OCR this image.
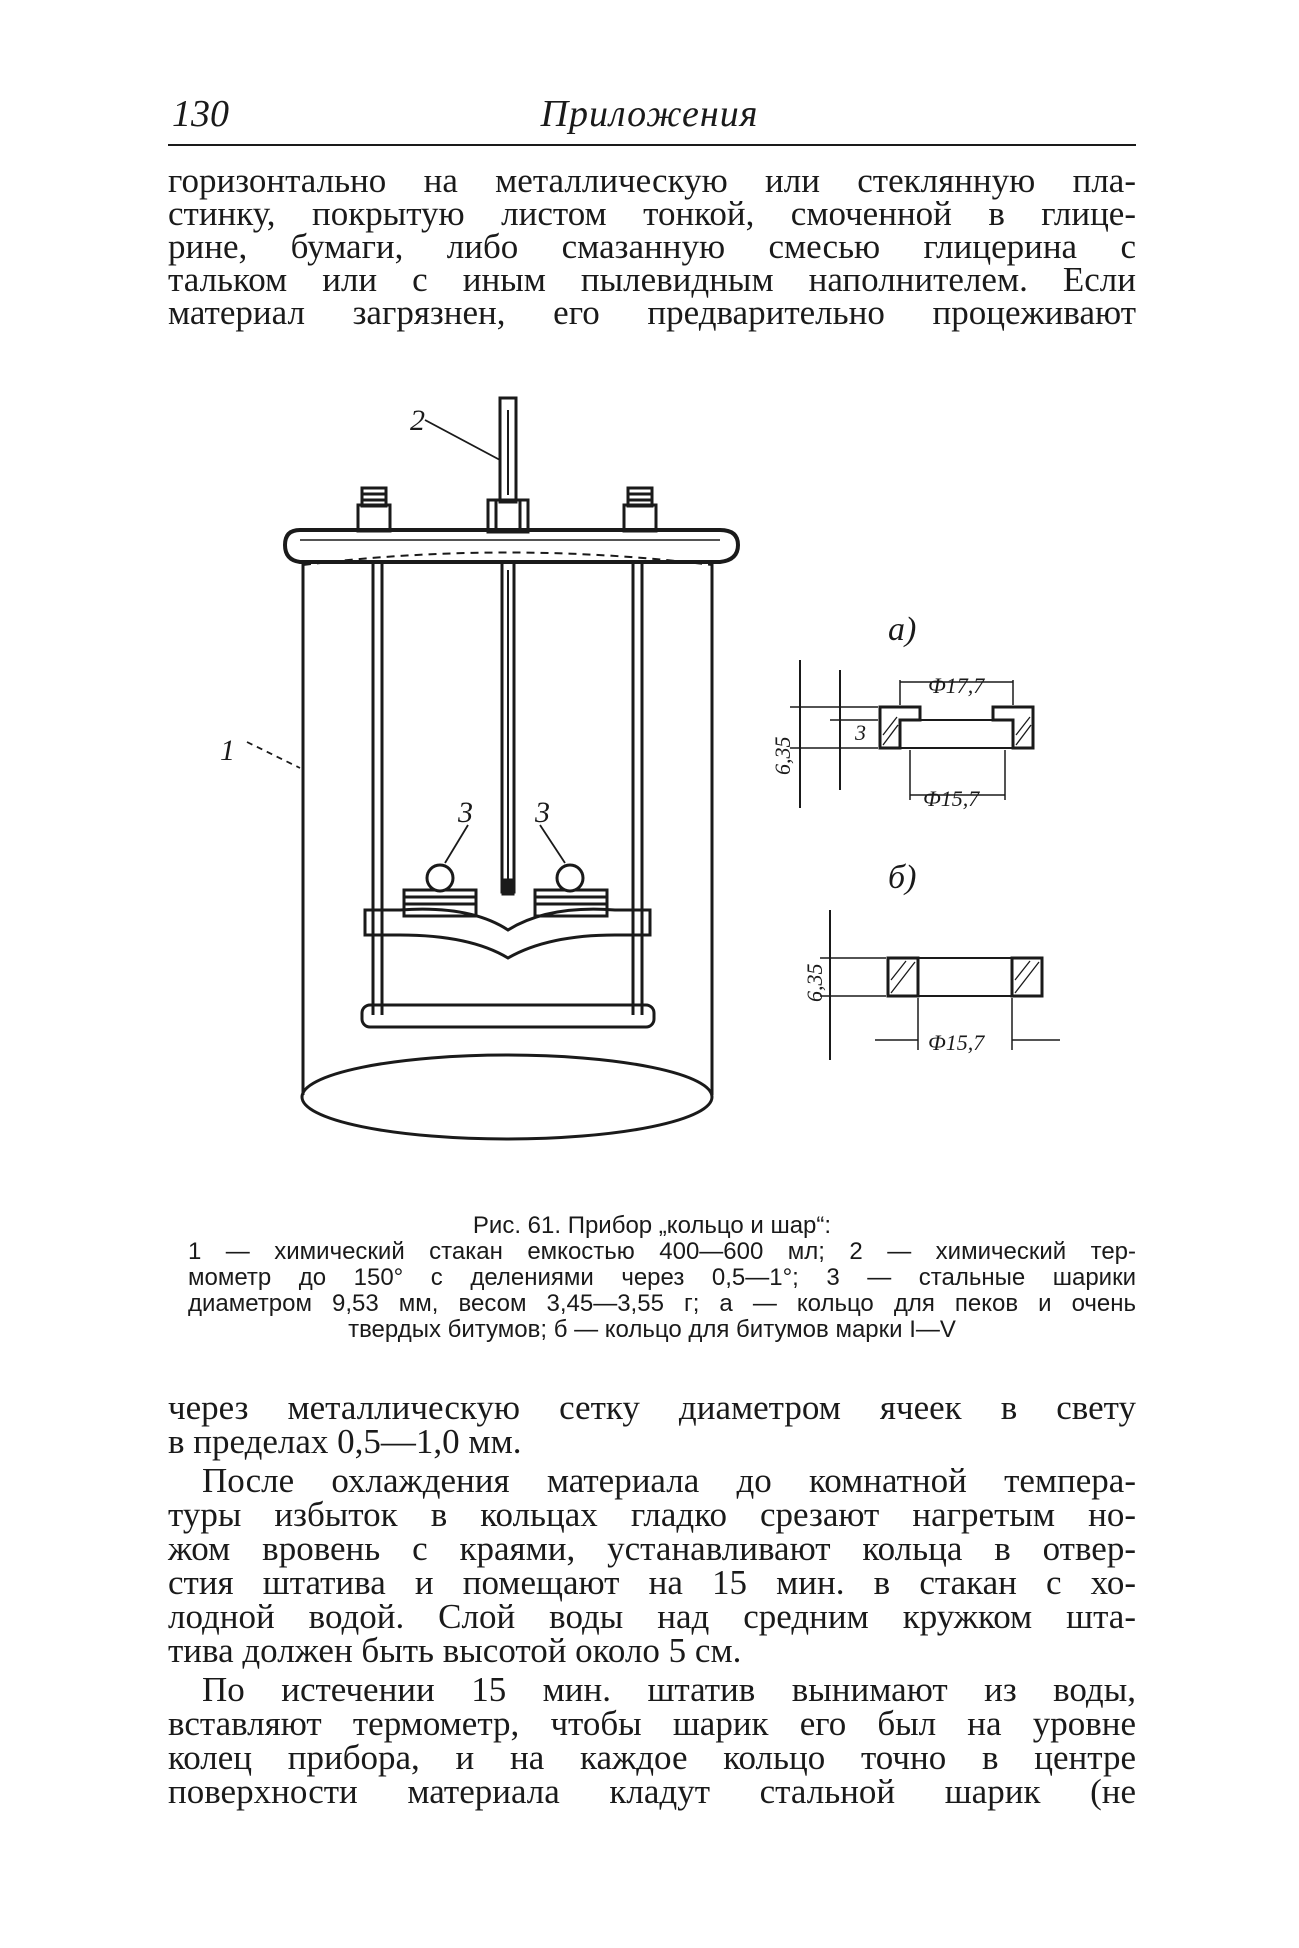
130	Приложения
горизонтально на металлическую или стеклянную пла-
стинку, покрытую листом тонкой, смоченной в глице-
рине, бумаги, либо смазанную смесью глицерина с
тальком или с иным пылевидным наполнителем. Если
материал загрязнен, его предварительно процеживают
2
1
3 3
а)
б)
Ф17,7
Ф15,7
3
6,35
6,35
Ф15,7
Рис. 61. Прибор „кольцо и шар“:
1 — химический стакан емкостью 400—600 мл; 2 — химический тер-
мометр до 150° с делениями через 0,5—1°; 3 — стальные шарики
диаметром 9,53 мм, весом 3,45—3,55 г; а — кольцо для пеков и очень
твердых битумов; б — кольцо для битумов марки I—V
через металлическую сетку диаметром ячеек в свету
в пределах 0,5—1,0 мм.
После охлаждения материала до комнатной темпера-
туры избыток в кольцах гладко срезают нагретым но-
жом вровень с краями, устанавливают кольца в отвер-
стия штатива и помещают на 15 мин. в стакан с хо-
лодной водой. Слой воды над средним кружком шта-
тива должен быть высотой около 5 см.
По истечении 15 мин. штатив вынимают из воды,
вставляют термометр, чтобы шарик его был на уровне
колец прибора, и на каждое кольцо точно в центре
поверхности материала кладут стальной шарик (не
